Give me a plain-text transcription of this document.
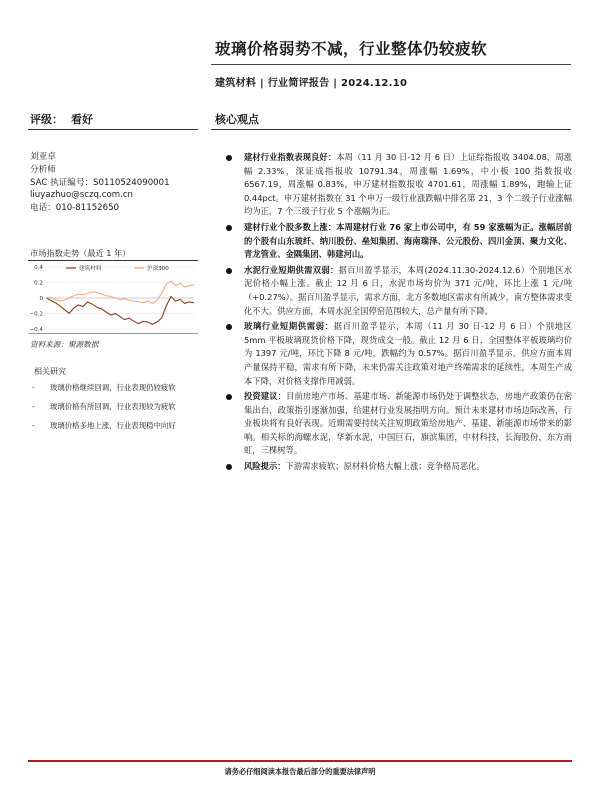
玻璃价格弱势不减，行业整体仍较疲软
建筑材料 | 行业简评报告 | 2024.12.10
评级： 看好	核心观点
刘亚卓
分析师
SAC 执证编号：S0110524090001
liuyazhuo@sczq.com.cn
电话：010-81152650
市场指数走势（最近 1 年）
建筑材料	沪深300
0.4
0.2
0
−0.2
−0.4
资料来源：聚源数据
相关研究
- 玻璃价格继续回调，行业表现仍较疲软
- 玻璃价格有所回调，行业表现较为疲软
- 玻璃价格多地上涨，行业表现稳中向好
建材行业指数表现良好：本周（11 月 30 日-12 月 6 日）上证综指报收 3404.08，周涨幅 2.33%，深证成指报收 10791.34，周涨幅 1.69%，中小板 100 指数报收 6567.19，周涨幅 0.83%，申万建材指数报收 4701.61，周涨幅 1.89%，跑输上证 0.44pct。申万建材指数在 31 个申万一级行业涨跌幅中排名第 21，3 个二级子行业涨幅均为正，7 个三级子行业 5 个涨幅为正。
建材行业个股多数上涨：本周建材行业 76 家上市公司中，有 59 家涨幅为正。涨幅居前的个股有山东玻纤、纳川股份、垒知集团、海南瑞泽、公元股份、四川金顶、聚力文化、青龙管业、金隅集团、韩建河山。
水泥行业短期供需双弱：据百川盈孚显示，本周(2024.11.30-2024.12.6）个别地区水泥价格小幅上涨。截止 12 月 6 日，水泥市场均价为 371 元/吨，环比上涨 1 元/吨（+0.27%）。据百川盈孚显示，需求方面，北方多数地区需求有所减少，南方整体需求变化不大。供应方面，本周水泥全国停窑范围较大，总产量有所下降。
玻璃行业短期供需弱：据百川盈孚显示，本周（11 月 30 日-12 月 6 日）个别地区 5mm 平板玻璃现货价格下降，现货成交一般。截止 12 月 6 日，全国整体平板玻璃均价为 1397 元/吨，环比下降 8 元/吨，跌幅约为 0.57%。据百川盈孚显示，供应方面本周产量保持平稳，需求有所下降，未来仍需关注政策对地产终端需求的延续性，本周生产成本下降，对价格支撑作用减弱。
投资建议：目前房地产市场、基建市场、新能源市场仍处于调整状态，房地产政策仍在密集出台，政策指引逐渐加强，给建材行业发展指明方向。预计未来建材市场边际改善，行业板块将有良好表现。近期需要持续关注短期政策给房地产、基建、新能源市场带来的影响。相关标的海螺水泥，华新水泥，中国巨石，旗滨集团，中材科技，长海股份，东方雨虹，三棵树等。
风险提示：下游需求疲软；原材料价格大幅上涨；竞争格局恶化。
请务必仔细阅读本报告最后部分的重要法律声明
